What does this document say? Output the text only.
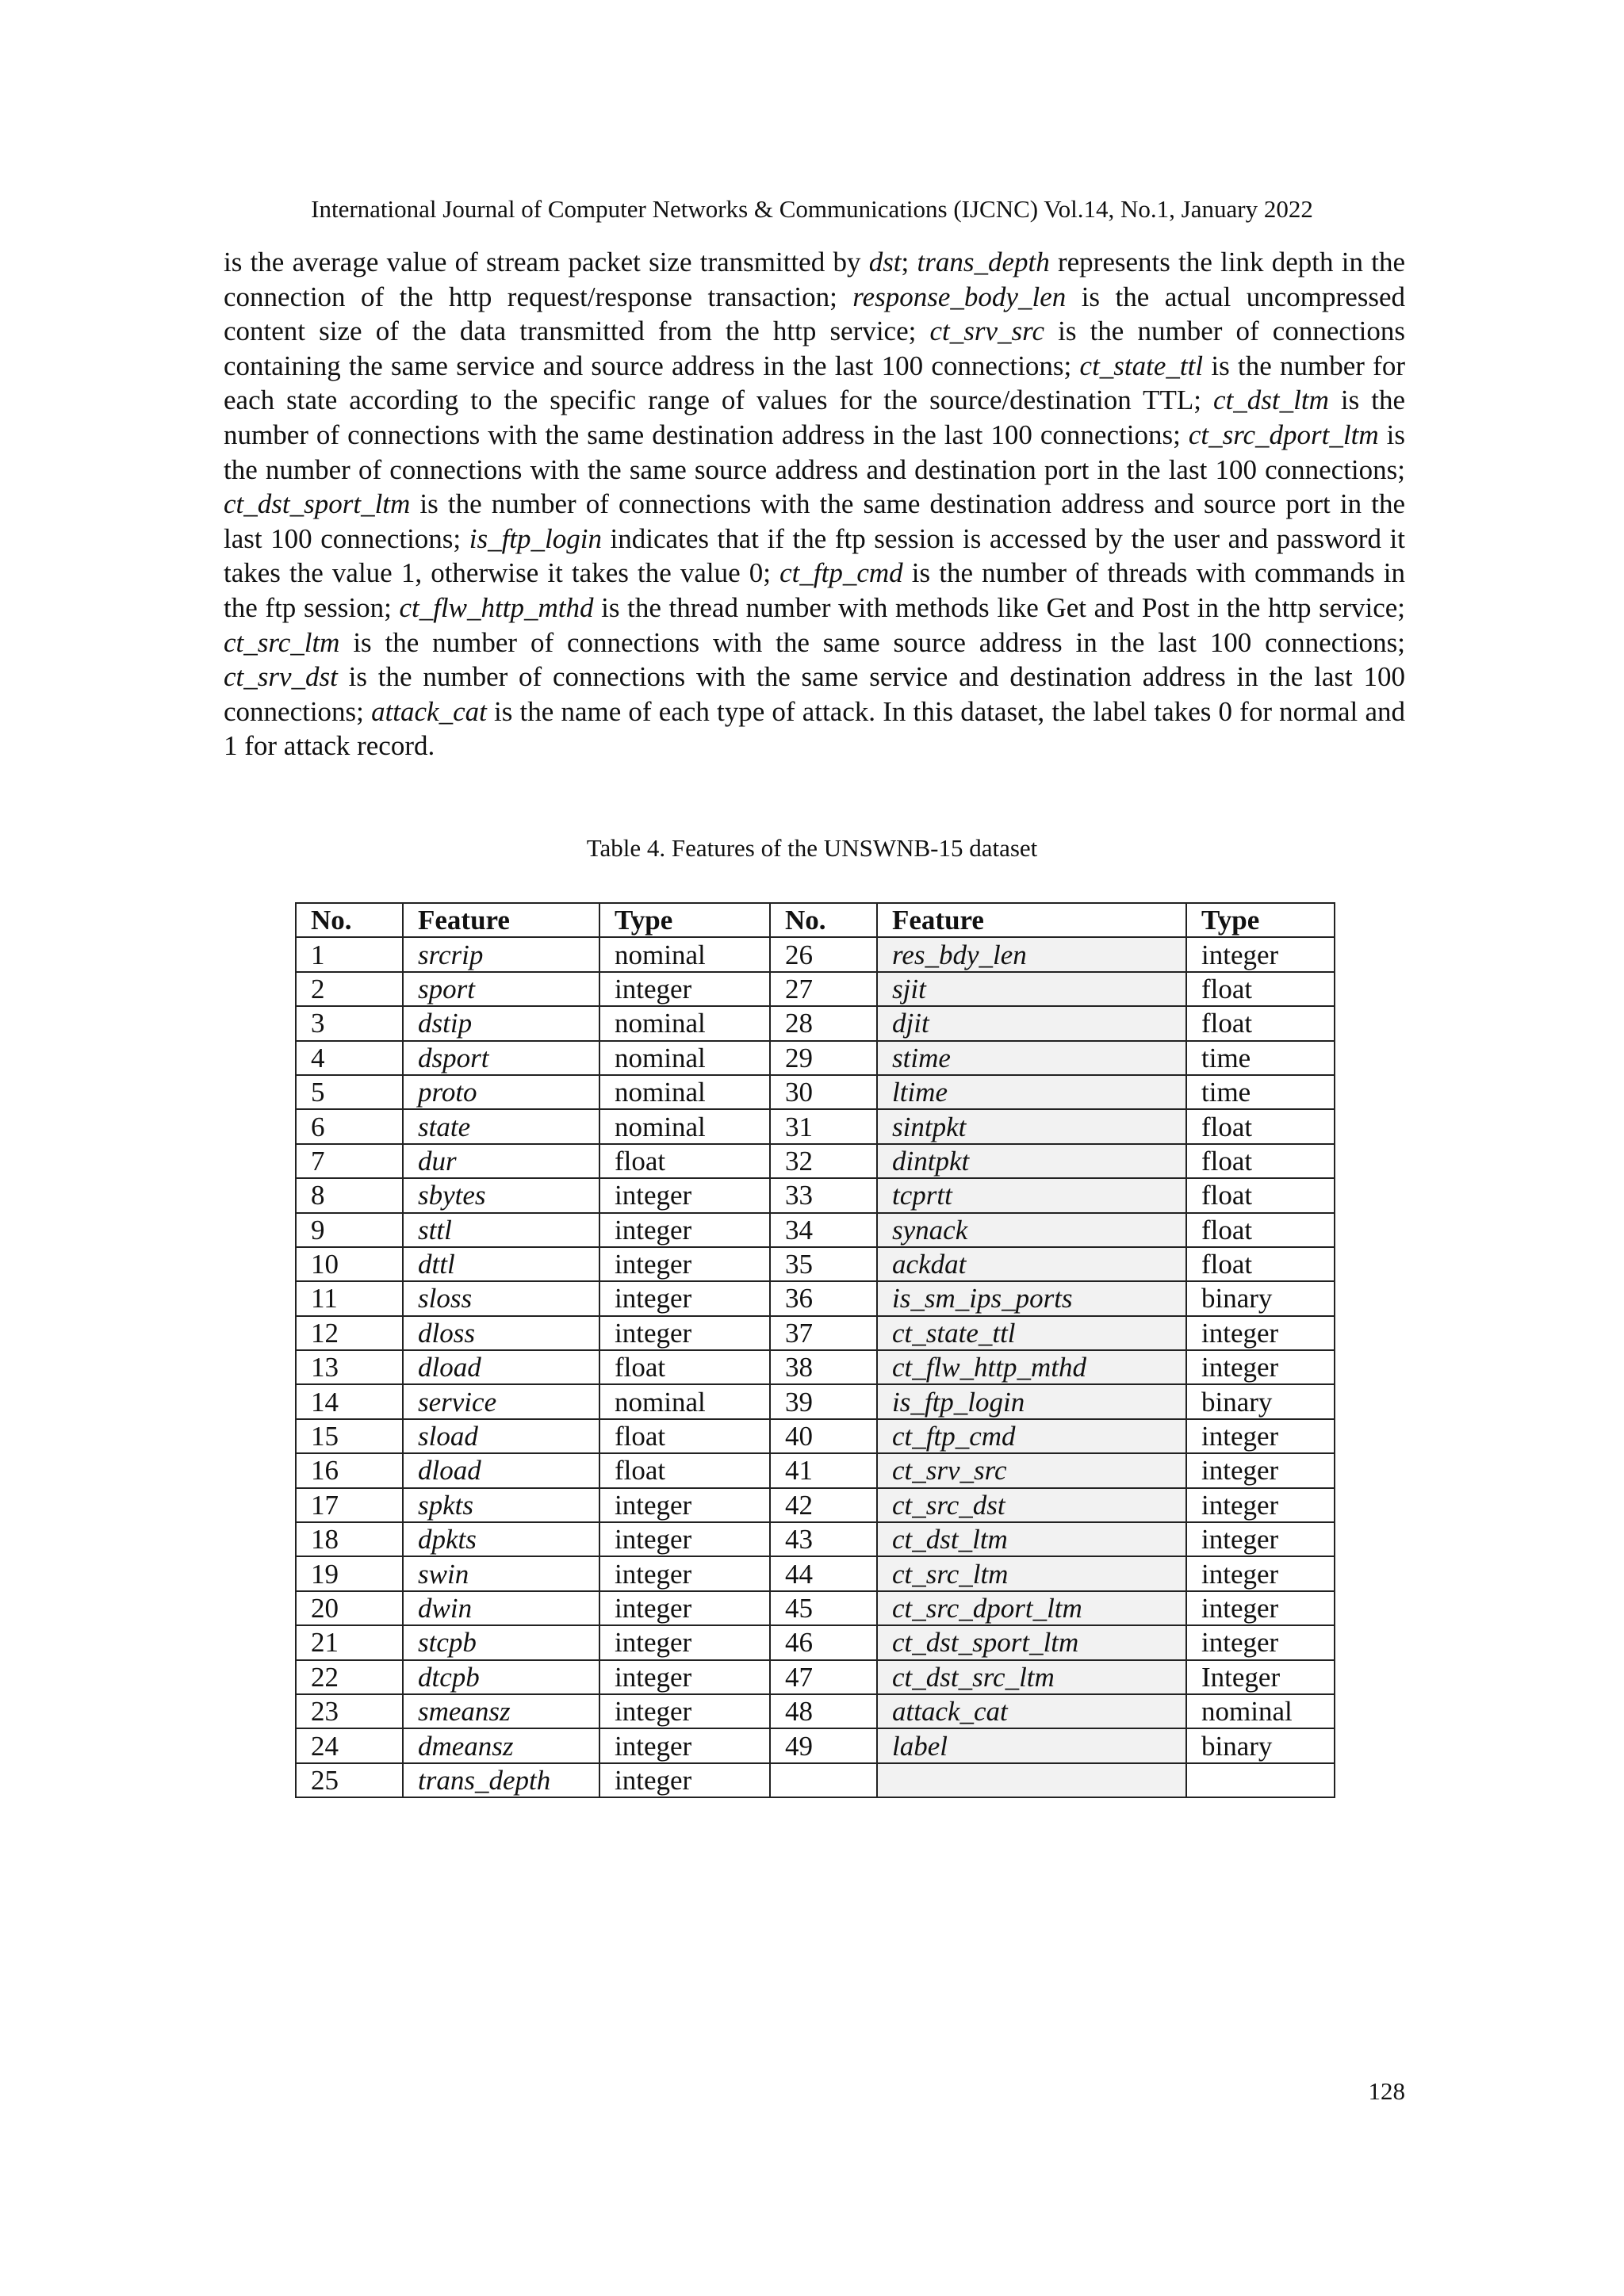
International Journal of Computer Networks & Communications (IJCNC) Vol.14, No.1, January 2022
is the average value of stream packet size transmitted by dst; trans_depth represents the link depth in the connection of the http request/response transaction; response_body_len is the actual uncompressed content size of the data transmitted from the http service; ct_srv_src is the number of connections containing the same service and source address in the last 100 connections; ct_state_ttl is the number for each state according to the specific range of values for the source/destination TTL; ct_dst_ltm is the number of connections with the same destination address in the last 100 connections; ct_src_dport_ltm is the number of connections with the same source address and destination port in the last 100 connections; ct_dst_sport_ltm is the number of connections with the same destination address and source port in the last 100 connections; is_ftp_login indicates that if the ftp session is accessed by the user and password it takes the value 1, otherwise it takes the value 0; ct_ftp_cmd is the number of threads with commands in the ftp session; ct_flw_http_mthd is the thread number with methods like Get and Post in the http service; ct_src_ltm is the number of connections with the same source address in the last 100 connections; ct_srv_dst is the number of connections with the same service and destination address in the last 100 connections; attack_cat is the name of each type of attack. In this dataset, the label takes 0 for normal and 1 for attack record.
Table 4. Features of the UNSWNB-15 dataset
No.	Feature	Type	No.	Feature	Type
1	srcrip	nominal	26	res_bdy_len	integer
2	sport	integer	27	sjit	float
3	dstip	nominal	28	djit	float
4	dsport	nominal	29	stime	time
5	proto	nominal	30	ltime	time
6	state	nominal	31	sintpkt	float
7	dur	float	32	dintpkt	float
8	sbytes	integer	33	tcprtt	float
9	sttl	integer	34	synack	float
10	dttl	integer	35	ackdat	float
11	sloss	integer	36	is_sm_ips_ports	binary
12	dloss	integer	37	ct_state_ttl	integer
13	dload	float	38	ct_flw_http_mthd	integer
14	service	nominal	39	is_ftp_login	binary
15	sload	float	40	ct_ftp_cmd	integer
16	dload	float	41	ct_srv_src	integer
17	spkts	integer	42	ct_src_dst	integer
18	dpkts	integer	43	ct_dst_ltm	integer
19	swin	integer	44	ct_src_ltm	integer
20	dwin	integer	45	ct_src_dport_ltm	integer
21	stcpb	integer	46	ct_dst_sport_ltm	integer
22	dtcpb	integer	47	ct_dst_src_ltm	Integer
23	smeansz	integer	48	attack_cat	nominal
24	dmeansz	integer	49	label	binary
25	trans_depth	integer			
128
